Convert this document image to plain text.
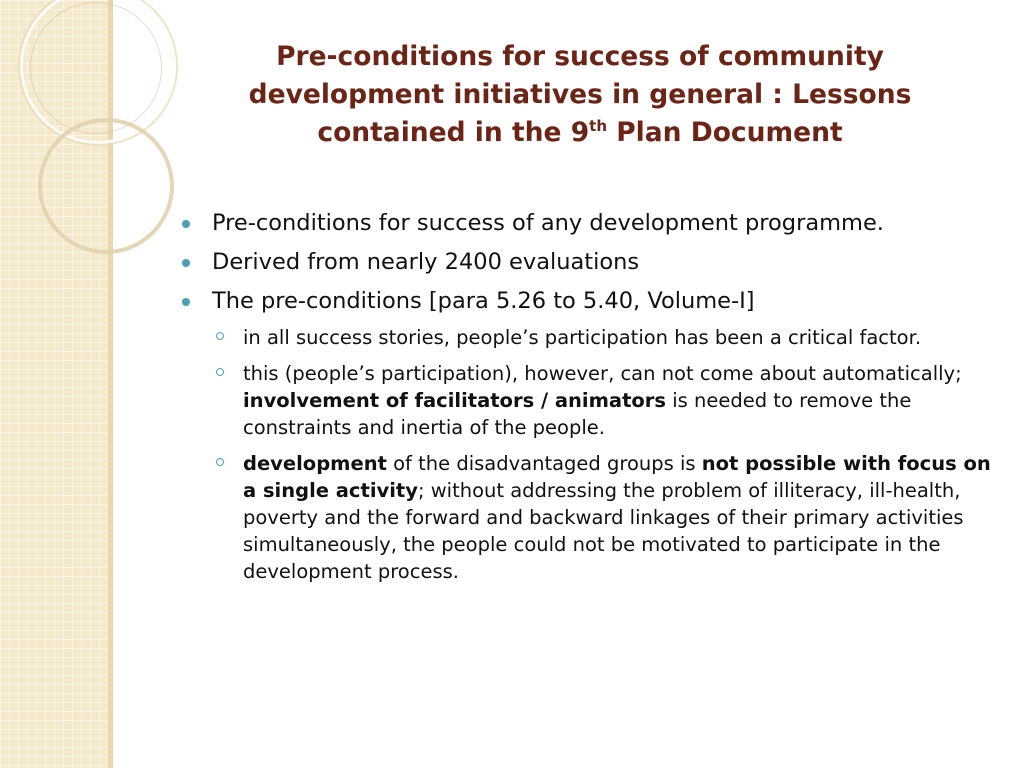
Pre-conditions for success of community
development initiatives in general : Lessons
contained in the 9th Plan Document
Pre-conditions for success of any development programme.
Derived from nearly 2400 evaluations
The pre-conditions [para 5.26 to 5.40, Volume-I]
in all success stories, people’s participation has been a critical factor.
this (people’s participation), however, can not come about automatically; involvement of facilitators / animators is needed to remove the constraints and inertia of the people.
development of the disadvantaged groups is not possible with focus on a single activity; without addressing the problem of illiteracy, ill-health, poverty and the forward and backward linkages of their primary activities simultaneously, the people could not be motivated to participate in the development process.
